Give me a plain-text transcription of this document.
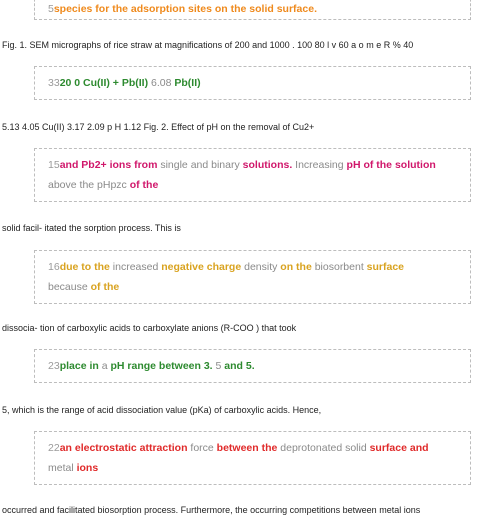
5species for the adsorption sites on the solid surface.
Fig. 1. SEM micrographs of rice straw at magnifications of 200 and 1000 . 100 80 l v 60 a o m e R % 40
3320 0 Cu(II) + Pb(II) 6.08 Pb(II)
5.13 4.05 Cu(II) 3.17 2.09 p H 1.12 Fig. 2. Effect of pH on the removal of Cu2+
15and Pb2+ ions from single and binary solutions. Increasing pH of the solution
above the pHpzc of the
solid facil- itated the sorption process. This is
16due to the increased negative charge density on the biosorbent surface
because of the
dissocia- tion of carboxylic acids to carboxylate anions (R-COO ) that took
23place in a pH range between 3. 5 and 5.
5, which is the range of acid dissociation value (pKa) of carboxylic acids. Hence,
22an electrostatic attraction force between the deprotonated solid surface and
metal ions
occurred and facilitated biosorption process. Furthermore, the occurring competitions between metal ions
